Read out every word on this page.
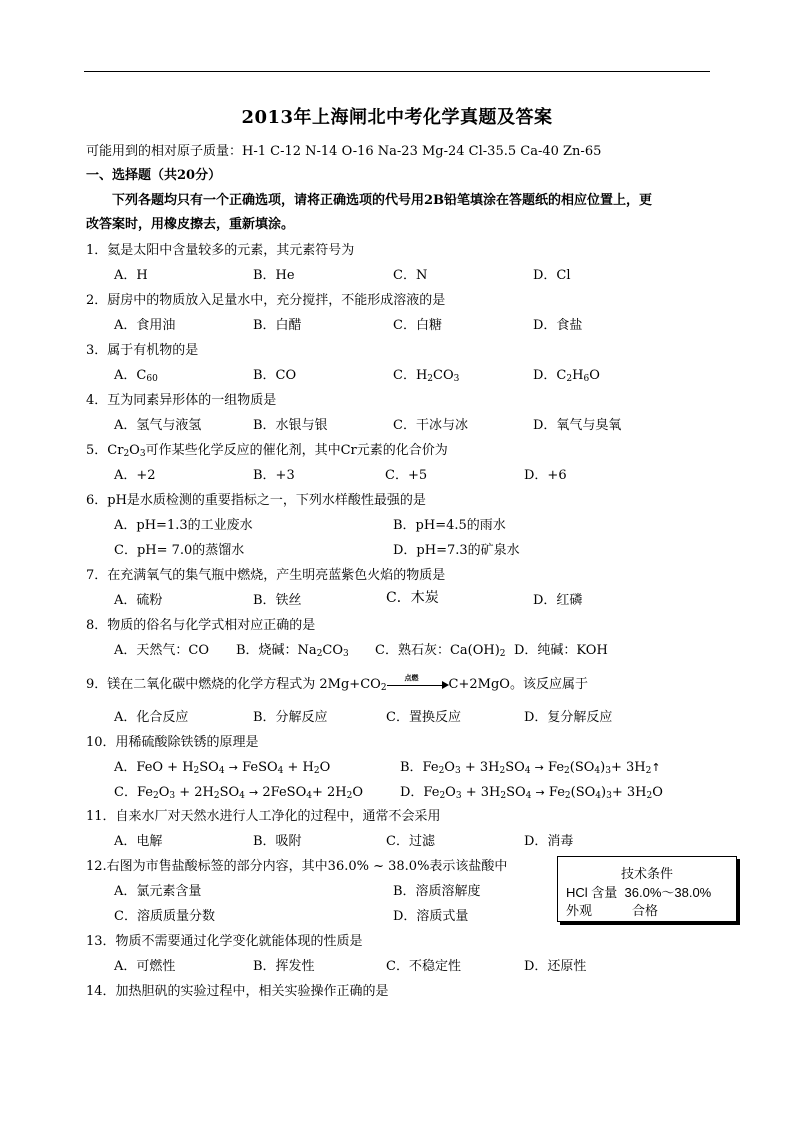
2013年上海闸北中考化学真题及答案
可能用到的相对原子质量：H-1 C-12 N-14 O-16 Na-23 Mg-24 Cl-35.5 Ca-40 Zn-65
一、选择题（共20分）
下列各题均只有一个正确选项，请将正确选项的代号用2B铅笔填涂在答题纸的相应位置上，更
改答案时，用橡皮擦去，重新填涂。
1．氦是太阳中含量较多的元素，其元素符号为
A．H	B．He	C．N	D．Cl
2．厨房中的物质放入足量水中，充分搅拌，不能形成溶液的是
A．食用油	B．白醋	C．白糖	D．食盐
3．属于有机物的是
A．$C_{60}$	B．CO	C．$H_2CO_3$	D．$C_2H_6O$
4．互为同素异形体的一组物质是
A．氢气与液氢	B．水银与银	C．干冰与冰	D．氧气与臭氧
5．$Cr_2O_3$可作某些化学反应的催化剂，其中Cr元素的化合价为
A．+2	B．+3	C．+5	D．+6
6．pH是水质检测的重要指标之一，下列水样酸性最强的是
A．pH=1.3的工业废水	B．pH=4.5的雨水
C．pH= 7.0的蒸馏水	D．pH=7.3的矿泉水
7．在充满氧气的集气瓶中燃烧，产生明亮蓝紫色火焰的物质是
A．硫粉	B．铁丝	C．木炭	D．红磷
8．物质的俗名与化学式相对应正确的是
A．天然气：CO B．烧碱：$Na_2CO_3$ C．熟石灰：$Ca(OH)_2$ D．纯碱：KOH
9．镁在二氧化碳中燃烧的化学方程式为 $2Mg+CO_2$
点燃 C+2MgO。该反应属于
A．化合反应	B．分解反应	C．置换反应	D．复分解反应
10．用稀硫酸除铁锈的原理是
A．FeO + $H_2SO_4$ → FeSO$_4$ + $H_2O$	B．$Fe_2O_3 + 3H_2SO_4 \to Fe_2(SO_4)_3+$ $3H_2↑$
C．$Fe_2O_3 + 2H_2SO_4$ → 2FeSO$_4$+ $2H_2O$	D．$Fe_2O_3 + 3H_2SO_4 \to Fe_2(SO_4)_3+ 3H_2O$
11．自来水厂对天然水进行人工净化的过程中，通常不会采用
A．电解	B．吸附	C．过滤	D．消毒
12.右图为市售盐酸标签的部分内容，其中36.0% ~ 38.0%表示该盐酸中
A．氯元素含量	B．溶质溶解度
C．溶质质量分数	D．溶质式量
技术条件
HCl 含量 36.0%～38.0%
外观	合格
13．物质不需要通过化学变化就能体现的性质是
A．可燃性	B．挥发性	C．不稳定性	D．还原性
14．加热胆矾的实验过程中，相关实验操作正确的是
